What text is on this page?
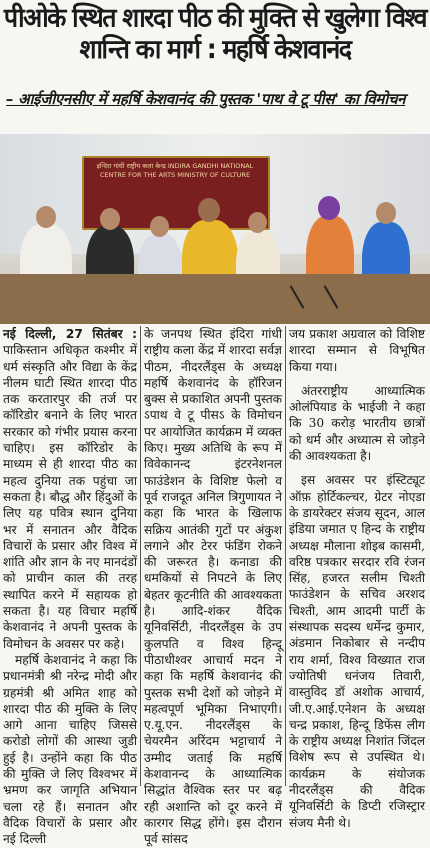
पीओके स्थित शारदा पीठ की मुक्ति से खुलेगा विश्व शान्ति का मार्ग : महर्षि केशवानंद
– आईजीएनसीए में महर्षि केशवानंद की पुस्तक 'पाथ वे टू पीस' का विमोचन
इन्दिरा गांधी राष्ट्रीय कला केन्द्र INDIRA GANDHI NATIONAL CENTRE FOR THE ARTS MINISTRY OF CULTURE

नई दिल्ली, 27 सितंबर : पाकिस्तान अधिकृत कश्मीर में धर्म संस्कृति और विद्या के केंद्र नीलम घाटी स्थित शारदा पीठ तक करतारपुर की तर्ज पर कॉरिडोर बनाने के लिए भारत सरकार को गंभीर प्रयास करना चाहिए। इस कॉरिडोर के माध्यम से ही शारदा पीठ का महत्व दुनिया तक पहुंचा जा सकता है। बौद्ध और हिंदुओं के लिए यह पवित्र स्थान दुनिया भर में सनातन और वैदिक विचारों के प्रसार और विश्व में शांति और ज्ञान के नए मानदंडों को प्राचीन काल की तरह स्थापित करने में सहायक हो सकता है। यह विचार महर्षि केशवानंद ने अपनी पुस्तक के विमोचन के अवसर पर कहे।

महर्षि केशवानंद ने कहा कि प्रधानमंत्री श्री नरेन्द्र मोदी और ग्रहमंत्री श्री अमित शाह को शारदा पीठ की मुक्ति के लिए आगे आना चाहिए जिससे करोडो लोगों की आस्था जुडी हुई है। उन्होंने कहा कि पीठ की मुक्ति जे लिए विश्वभर में भ्रमण कर जागृति अभियान चला रहे हैं। सनातन और वैदिक विचारों के प्रसार और नई दिल्ली

के जनपथ स्थित इंदिरा गांधी राष्ट्रीय कला केंद्र में शारदा सर्वज्ञ पीठम, नीदरलैंड्स के अध्यक्ष महर्षि केशवानंद के हॉरिजन बुक्स से प्रकाशित अपनी पुस्तक ऽपाथ वे टू पीसऽ के विमोचन पर आयोजित कार्यक्रम में व्यक्त किए। मुख्य अतिथि के रूप में विवेकानन्द इंटरनेशनल फाउंडेशन के विशिष्ट फेलो व पूर्व राजदूत अनिल त्रिगुणायत ने कहा कि भारत के खिलाफ सक्रिय आतंकी गुटों पर अंकुश लगाने और टेरर फंडिंग रोकने की जरूरत है। कनाडा की धमकियों से निपटने के लिए बेहतर कूटनीति की आवश्यकता है। आदि-शंकर वैदिक यूनिवर्सिटी, नीदरलैंड्स के उप कुलपति व विश्व हिन्दू पीठाधीश्वर आचार्य मदन ने कहा कि महर्षि केशवानंद की पुस्तक सभी देशों को जोड़ने में महत्वपूर्ण भूमिका निभाएगी। ए.यू.एन. नीदरलैंड्स के चेयरमैन अरिंदम भट्टाचार्य ने उम्मीद जताई कि महर्षि केशवानन्द के आध्यात्मिक सिद्धांत वैश्विक स्तर पर बढ़ रही अशान्ति को दूर करने में कारगर सिद्ध होंगे। इस दौरान पूर्व सांसद

जय प्रकाश अग्रवाल को विशिष्ट शारदा सम्मान से विभूषित किया गया।

अंतरराष्ट्रीय आध्यात्मिक ओलंपियाड के भाईजी ने कहा कि 30 करोड़ भारतीय छात्रों को धर्म और अध्यात्म से जोड़ने की आवश्यकता है।

इस अवसर पर इंस्टिट्यूट ऑफ़ होर्टिकल्चर, ग्रेटर नोएडा के डायरेक्टर संजय सूदन, आल इंडिया जमात ए हिन्द के राष्ट्रीय अध्यक्ष मौलाना शोइब कासमी, वरिष्ठ पत्रकार सरदार रवि रंजन सिंह, हजरत सलीम चिश्ती फाउंडेशन के सचिव अरशद चिश्ती, आम आदमी पार्टी के संस्थापक सदस्य धर्मेन्द्र कुमार, अंडमान निकोबार से नन्दीप राय शर्मा, विश्व विख्यात राज ज्योतिषी धनंजय तिवारी, वास्तुविद डॉ अशोक आचार्य, जी.ए.आई.एनेशन के अध्यक्ष चन्द्र प्रकाश, हिन्दू डिफेंस लीग के राष्ट्रीय अध्यक्ष निशांत जिंदल विशेष रूप से उपस्थित थे। कार्यक्रम के संयोजक नीदरलैंड्स की वैदिक यूनिवर्सिटी के डिप्टी रजिस्ट्रार संजय मैनी थे।
